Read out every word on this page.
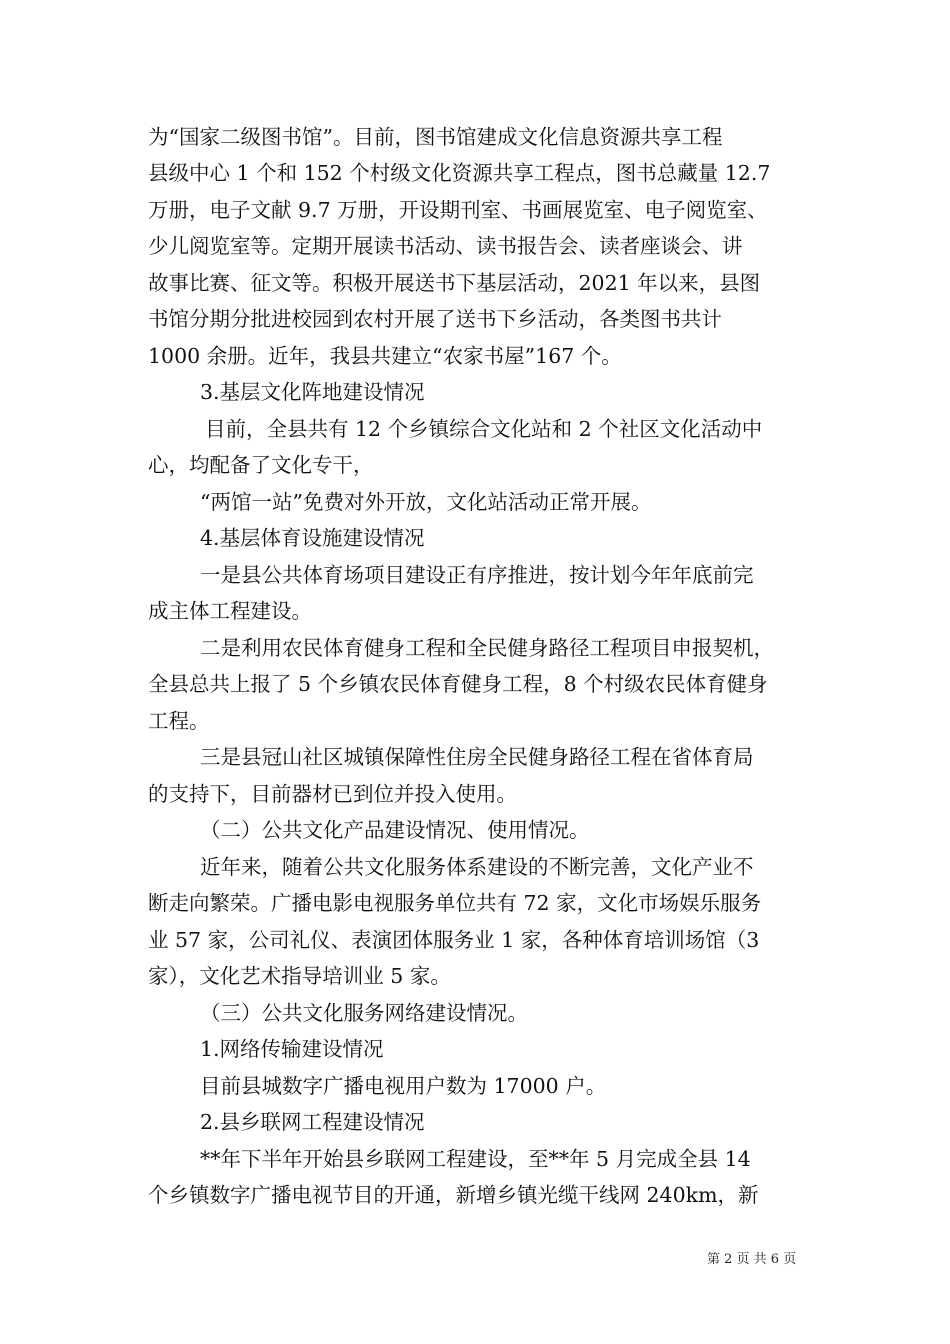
为“国家二级图书馆”。目前，图书馆建成文化信息资源共享工程
县级中心 1 个和 152 个村级文化资源共享工程点，图书总藏量 12.7
万册，电子文献 9.7 万册，开设期刊室、书画展览室、电子阅览室、
少儿阅览室等。定期开展读书活动、读书报告会、读者座谈会、讲
故事比赛、征文等。积极开展送书下基层活动，2021 年以来，县图
书馆分期分批进校园到农村开展了送书下乡活动，各类图书共计
1000 余册。近年，我县共建立“农家书屋”167 个。
3.基层文化阵地建设情况
目前，全县共有 12 个乡镇综合文化站和 2 个社区文化活动中
心，均配备了文化专干，
“两馆一站”免费对外开放，文化站活动正常开展。
4.基层体育设施建设情况
一是县公共体育场项目建设正有序推进，按计划今年年底前完
成主体工程建设。
二是利用农民体育健身工程和全民健身路径工程项目申报契机，
全县总共上报了 5 个乡镇农民体育健身工程，8 个村级农民体育健身
工程。
三是县冠山社区城镇保障性住房全民健身路径工程在省体育局
的支持下，目前器材已到位并投入使用。
（二）公共文化产品建设情况、使用情况。
近年来，随着公共文化服务体系建设的不断完善，文化产业不
断走向繁荣。广播电影电视服务单位共有 72 家，文化市场娱乐服务
业 57 家，公司礼仪、表演团体服务业 1 家，各种体育培训场馆（3
家），文化艺术指导培训业 5 家。
（三）公共文化服务网络建设情况。
1.网络传输建设情况
目前县城数字广播电视用户数为 17000 户。
2.县乡联网工程建设情况
**年下半年开始县乡联网工程建设，至**年 5 月完成全县 14
个乡镇数字广播电视节目的开通，新增乡镇光缆干线网 240km，新
第 2 页 共 6 页
